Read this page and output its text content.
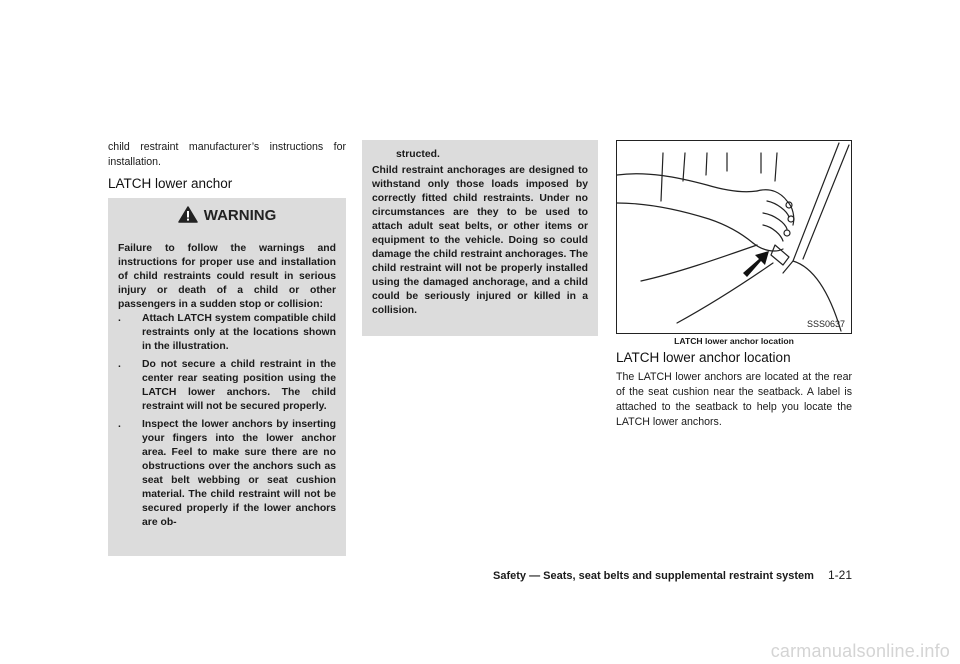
child restraint manufacturer’s instructions for installation.
LATCH lower anchor
WARNING
Failure to follow the warnings and instructions for proper use and installation of child restraints could result in serious injury or death of a child or other passengers in a sudden stop or collision:
. Attach LATCH system compatible child restraints only at the locations shown in the illustration.
. Do not secure a child restraint in the center rear seating position using the LATCH lower anchors. The child restraint will not be secured properly.
. Inspect the lower anchors by inserting your fingers into the lower anchor area. Feel to make sure there are no obstructions over the anchors such as seat belt webbing or seat cushion material. The child restraint will not be secured properly if the lower anchors are ob-
structed.
Child restraint anchorages are designed to withstand only those loads imposed by correctly fitted child restraints. Under no circumstances are they to be used to attach adult seat belts, or other items or equipment to the vehicle. Doing so could damage the child restraint anchorages. The child restraint will not be properly installed using the damaged anchorage, and a child could be seriously injured or killed in a collision.
SSS0637
LATCH lower anchor location
LATCH lower anchor location
The LATCH lower anchors are located at the rear of the seat cushion near the seatback. A label is attached to the seatback to help you locate the LATCH lower anchors.
Safety — Seats, seat belts and supplemental restraint system 1-21
carmanualsonline.info
